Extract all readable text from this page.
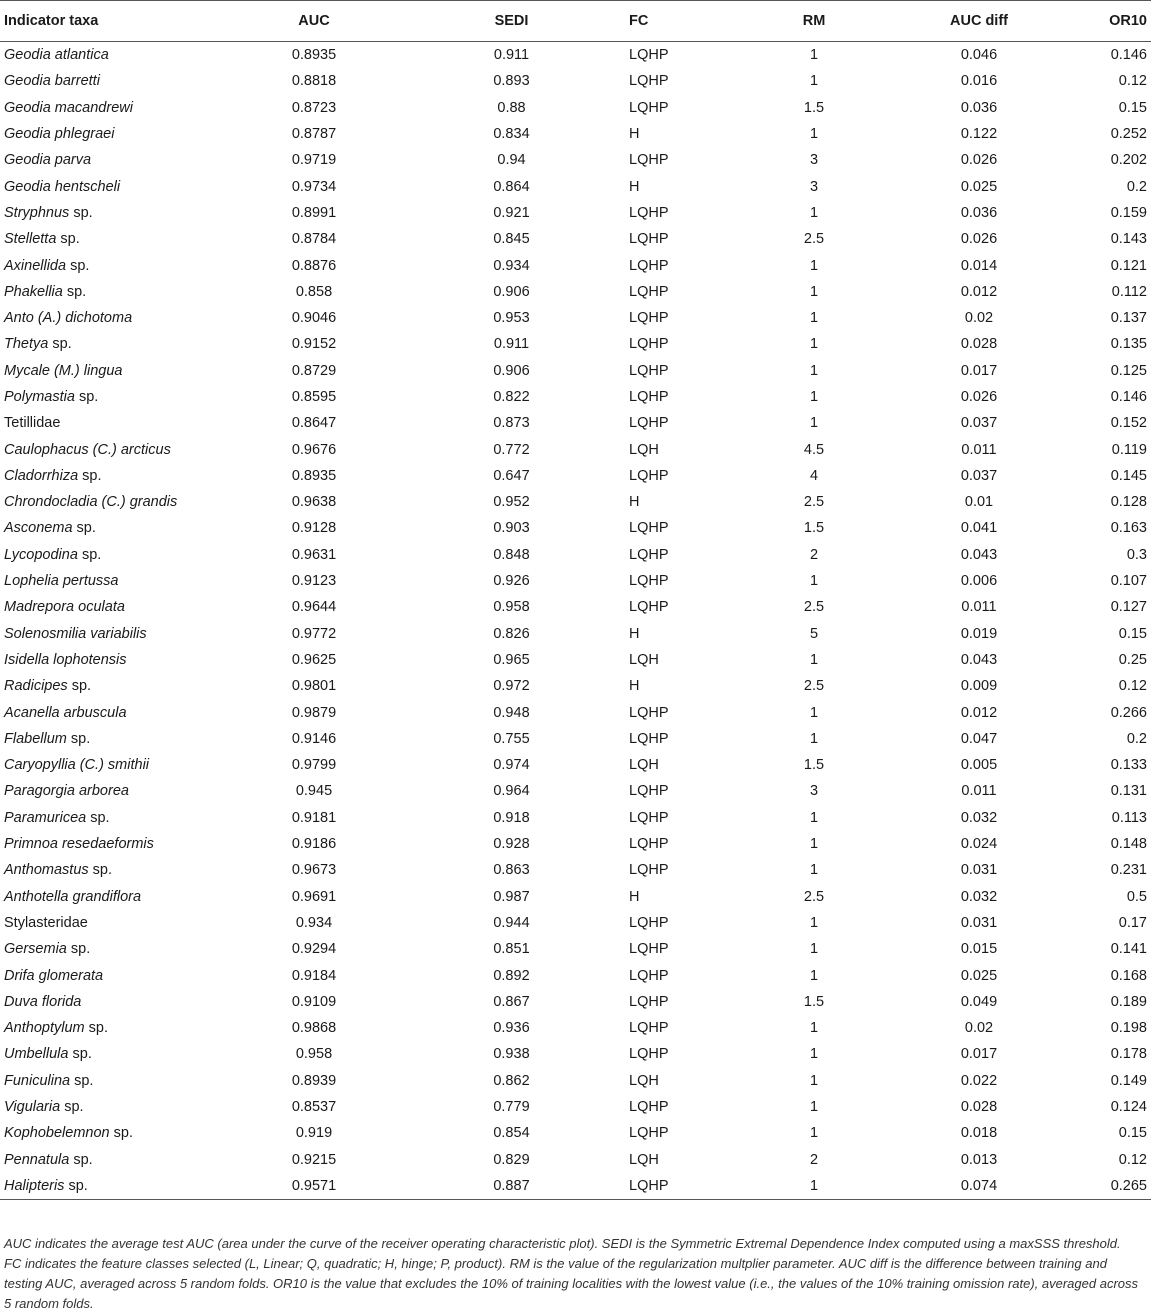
Indicator taxa	AUC	SEDI	FC	RM	AUC diff	OR10
Geodia atlantica	0.8935	0.911	LQHP	1	0.046	0.146
Geodia barretti	0.8818	0.893	LQHP	1	0.016	0.12
Geodia macandrewi	0.8723	0.88	LQHP	1.5	0.036	0.15
Geodia phlegraei	0.8787	0.834	H	1	0.122	0.252
Geodia parva	0.9719	0.94	LQHP	3	0.026	0.202
Geodia hentscheli	0.9734	0.864	H	3	0.025	0.2
Stryphnus sp.	0.8991	0.921	LQHP	1	0.036	0.159
Stelletta sp.	0.8784	0.845	LQHP	2.5	0.026	0.143
Axinellida sp.	0.8876	0.934	LQHP	1	0.014	0.121
Phakellia sp.	0.858	0.906	LQHP	1	0.012	0.112
Anto (A.) dichotoma	0.9046	0.953	LQHP	1	0.02	0.137
Thetya sp.	0.9152	0.911	LQHP	1	0.028	0.135
Mycale (M.) lingua	0.8729	0.906	LQHP	1	0.017	0.125
Polymastia sp.	0.8595	0.822	LQHP	1	0.026	0.146
Tetillidae	0.8647	0.873	LQHP	1	0.037	0.152
Caulophacus (C.) arcticus	0.9676	0.772	LQH	4.5	0.011	0.119
Cladorrhiza sp.	0.8935	0.647	LQHP	4	0.037	0.145
Chrondocladia (C.) grandis	0.9638	0.952	H	2.5	0.01	0.128
Asconema sp.	0.9128	0.903	LQHP	1.5	0.041	0.163
Lycopodina sp.	0.9631	0.848	LQHP	2	0.043	0.3
Lophelia pertussa	0.9123	0.926	LQHP	1	0.006	0.107
Madrepora oculata	0.9644	0.958	LQHP	2.5	0.011	0.127
Solenosmilia variabilis	0.9772	0.826	H	5	0.019	0.15
Isidella lophotensis	0.9625	0.965	LQH	1	0.043	0.25
Radicipes sp.	0.9801	0.972	H	2.5	0.009	0.12
Acanella arbuscula	0.9879	0.948	LQHP	1	0.012	0.266
Flabellum sp.	0.9146	0.755	LQHP	1	0.047	0.2
Caryopyllia (C.) smithii	0.9799	0.974	LQH	1.5	0.005	0.133
Paragorgia arborea	0.945	0.964	LQHP	3	0.011	0.131
Paramuricea sp.	0.9181	0.918	LQHP	1	0.032	0.113
Primnoa resedaeformis	0.9186	0.928	LQHP	1	0.024	0.148
Anthomastus sp.	0.9673	0.863	LQHP	1	0.031	0.231
Anthotella grandiflora	0.9691	0.987	H	2.5	0.032	0.5
Stylasteridae	0.934	0.944	LQHP	1	0.031	0.17
Gersemia sp.	0.9294	0.851	LQHP	1	0.015	0.141
Drifa glomerata	0.9184	0.892	LQHP	1	0.025	0.168
Duva florida	0.9109	0.867	LQHP	1.5	0.049	0.189
Anthoptylum sp.	0.9868	0.936	LQHP	1	0.02	0.198
Umbellula sp.	0.958	0.938	LQHP	1	0.017	0.178
Funiculina sp.	0.8939	0.862	LQH	1	0.022	0.149
Vigularia sp.	0.8537	0.779	LQHP	1	0.028	0.124
Kophobelemnon sp.	0.919	0.854	LQHP	1	0.018	0.15
Pennatula sp.	0.9215	0.829	LQH	2	0.013	0.12
Halipteris sp.	0.9571	0.887	LQHP	1	0.074	0.265
AUC indicates the average test AUC (area under the curve of the receiver operating characteristic plot). SEDI is the Symmetric Extremal Dependence Index computed using a maxSSS threshold. FC indicates the feature classes selected (L, Linear; Q, quadratic; H, hinge; P, product). RM is the value of the regularization multplier parameter. AUC diff is the difference between training and testing AUC, averaged across 5 random folds. OR10 is the value that excludes the 10% of training localities with the lowest value (i.e., the values of the 10% training omission rate), averaged across 5 random folds.
